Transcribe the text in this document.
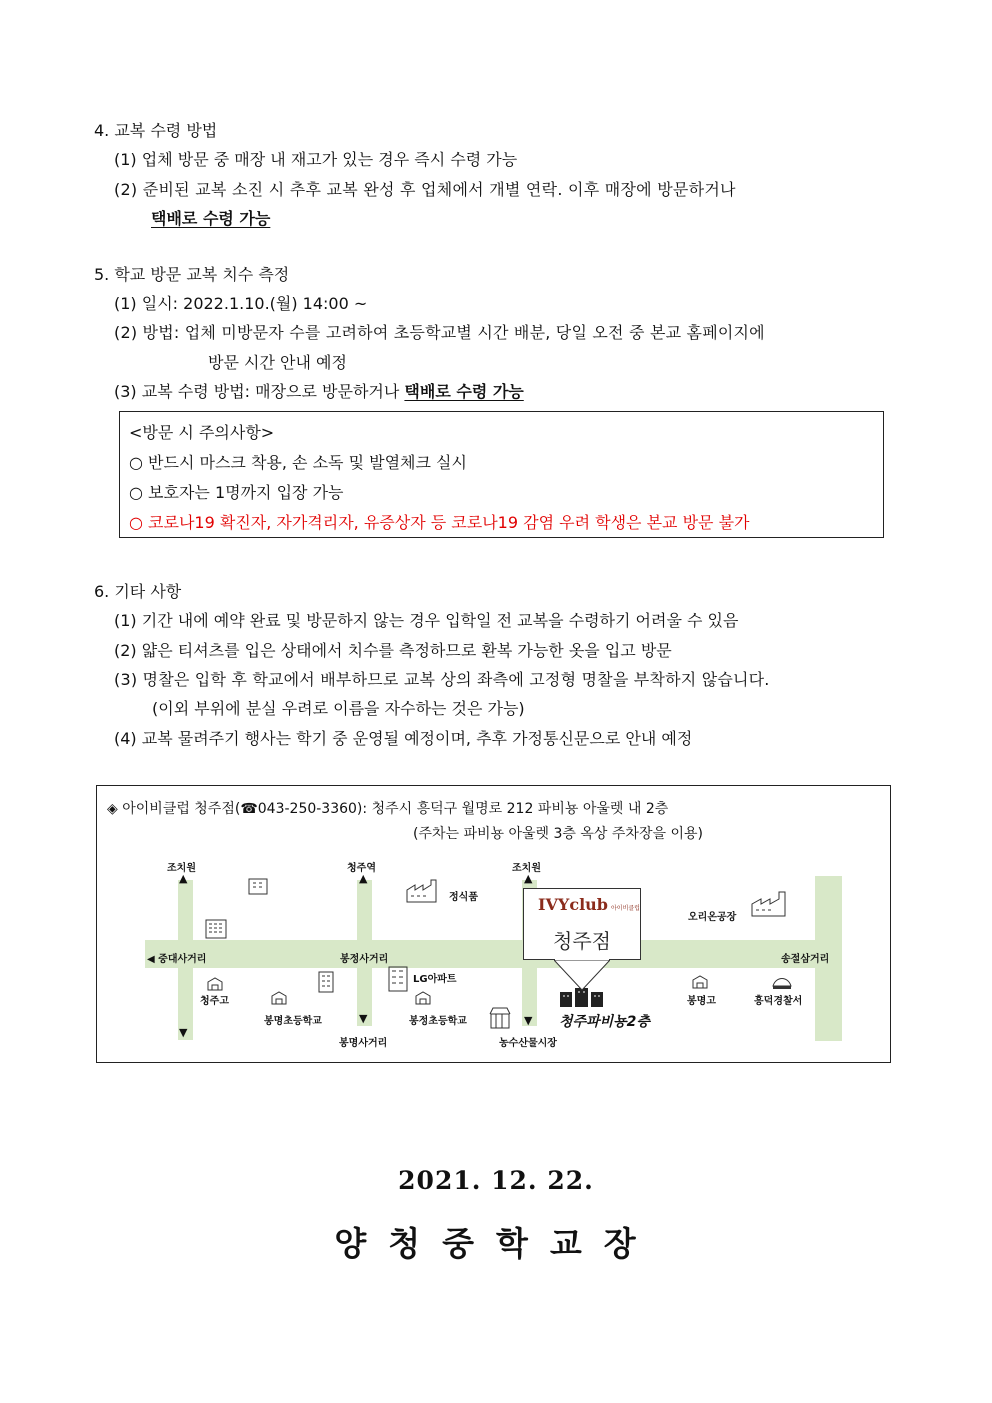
4. 교복 수령 방법
(1) 업체 방문 중 매장 내 재고가 있는 경우 즉시 수령 가능
(2) 준비된 교복 소진 시 추후 교복 완성 후 업체에서 개별 연락. 이후 매장에 방문하거나
택배로 수령 가능
5. 학교 방문 교복 치수 측정
(1) 일시: 2022.1.10.(월) 14:00 ~
(2) 방법: 업체 미방문자 수를 고려하여 초등학교별 시간 배분, 당일 오전 중 본교 홈페이지에
방문 시간 안내 예정
(3) 교복 수령 방법: 매장으로 방문하거나 택배로 수령 가능
<방문 시 주의사항>
○ 반드시 마스크 착용, 손 소독 및 발열체크 실시
○ 보호자는 1명까지 입장 가능
○ 코로나19 확진자, 자가격리자, 유증상자 등 코로나19 감염 우려 학생은 본교 방문 불가
6. 기타 사항
(1) 기간 내에 예약 완료 및 방문하지 않는 경우 입학일 전 교복을 수령하기 어려울 수 있음
(2) 얇은 티셔츠를 입은 상태에서 치수를 측정하므로 환복 가능한 옷을 입고 방문
(3) 명찰은 입학 후 학교에서 배부하므로 교복 상의 좌측에 고정형 명찰을 부착하지 않습니다.
(이외 부위에 분실 우려로 이름을 자수하는 것은 가능)
(4) 교복 물려주기 행사는 학기 중 운영될 예정이며, 추후 가정통신문으로 안내 예정
◈ 아이비클럽 청주점(☎043-250-3360): 청주시 흥덕구 월명로 212 파비뇽 아울렛 내 2층
(주차는 파비뇽 아울렛 3층 옥상 주차장을 이용)
▲
▼
▲
▼
▲
▼
조치원	청주역	조치원
정식품
오리온공장
◀ 중대사거리	봉정사거리	송절삼거리
LG아파트
청주고
봉명초등학교	봉정초등학교
봉명사거리	농수산물시장
봉명고	흥덕경찰서
청주파비뇽2층
IVYclub 아이비클럽
청주점
2021. 12. 22.
양청중학교장
